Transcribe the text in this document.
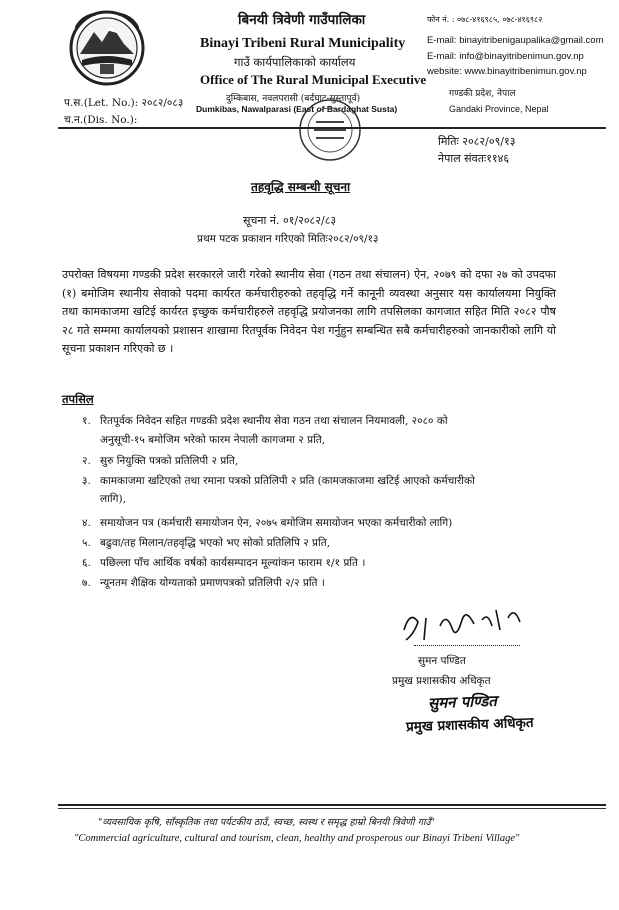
बिनयी त्रिवेणी गाउँपालिका
Binayi Tribeni Rural Municipality
गाउँ कार्यपालिकाको कार्यालय
Office of The Rural Municipal Executive
दुम्किबास, नवलपरासी (बर्दघाट-सुस्तापूर्व)
Dumkibas, Nawalparasi (East of Bardaghat Susta)
फोन नं. : ०७८-४१६९८५, ०७८-४१६९८२
E-mail: binayitribenigaupalika@gmail.com
E-mail: info@binayitribenimun.gov.np
website: www.binayitribenimun.gov.np
गण्डकी प्रदेश, नेपाल
Gandaki Province, Nepal
प.स.(Let. No.): २०८२/०८३
च.न.(Dis. No.):
मितिः २०८२/०९/१३
नेपाल संवतः११४६
तहवृद्धि सम्बन्धी सूचना
सूचना नं. ०१/२०८२/८३
प्रथम पटक प्रकाशन गरिएको मितिः२०८२/०९/१३
उपरोक्त विषयमा गण्डकी प्रदेश सरकारले जारी गरेको स्थानीय सेवा (गठन तथा संचालन) ऐन, २०७९ को दफा २७ को उपदफा (१) बमोजिम स्थानीय सेवाको पदमा कार्यरत कर्मचारीहरुको तहवृद्धि गर्ने कानूनी व्यवस्था अनुसार यस कार्यालयमा नियुक्ति तथा कामकाजमा खटिई कार्यरत इच्छुक कर्मचारीहरुले तहवृद्धि प्रयोजनका लागि तपसिलका कागजात सहित मिति २०८२ पौष २८ गते सम्ममा कार्यालयको प्रशासन शाखामा रितपूर्वक निवेदन पेश गर्नुहुन सम्बन्धित सबै कर्मचारीहरुको जानकारीको लागि यो सूचना प्रकाशन गरिएको छ ।
तपसिल
१. रितपूर्वक निवेदन सहित गण्डकी प्रदेश स्थानीय सेवा गठन तथा संचालन नियमावली, २०८० को
अनुसूची-१५ बमोजिम भरेको फारम नेपाली कागजमा २ प्रति,
२. सुरु नियुक्ति पत्रको प्रतिलिपी २ प्रति,
३. कामकाजमा खटिएको तथा रमाना पत्रको प्रतिलिपी २ प्रति (कामजकाजमा खटिई आएको कर्मचारीको
लागि),
४. समायोजन पत्र (कर्मचारी समायोजन ऐन, २०७५ बमोजिम समायोजन भएका कर्मचारीको लागि)
५. बढुवा/तह मिलान/तहवृद्धि भएको भए सोको प्रतिलिपि २ प्रति,
६. पछिल्ला पाँच आर्थिक वर्षको कार्यसम्पादन मूल्यांकन फाराम १/१ प्रति ।
७. न्यूनतम शैक्षिक योग्यताको प्रमाणपत्रको प्रतिलिपी २/२ प्रति ।
सुमन पण्डित
प्रमुख प्रशासकीय अधिकृत
सुमन पण्डित
प्रमुख प्रशासकीय अधिकृत
"व्यवसायिक कृषि, साँस्कृतिक तथा पर्यटकीय ठाउँ, स्वच्छ, स्वस्थ र समृद्ध हाम्रो बिनयी त्रिवेणी गाउँ"
"Commercial agriculture, cultural and tourism, clean, healthy and prosperous our Binayi Tribeni Village"
